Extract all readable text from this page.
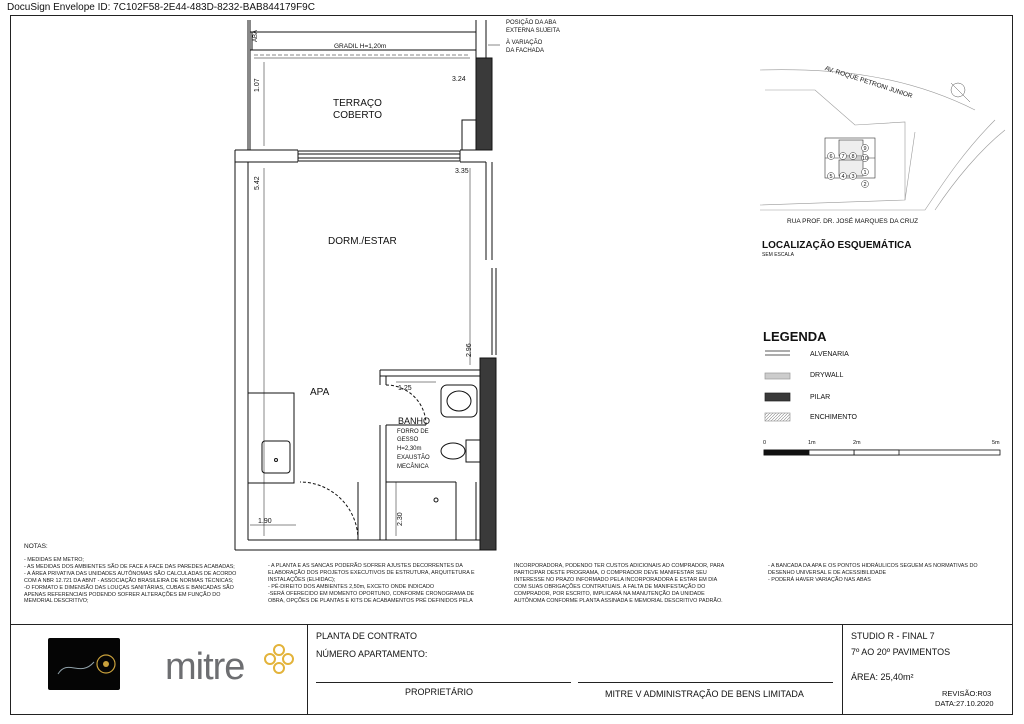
DocuSign Envelope ID: 7C102F58-2E44-483D-8232-BAB844179F9C
TERRAÇO
COBERTO
DORM./ESTAR
APA
BANHO
FORRO DE
GESSO
H=2,30m
EXAUSTÃO
MECÂNICA
GRADIL H=1,20m
ABA
1.07	3.24
5.42
3.35
2.96
1.25
2.30
1.90
POSIÇÃO DA ABA
EXTERNA SUJEITA
À VARIAÇÃO
DA FACHADA
6 7 8
9
10
5 4 3
1
2
AV. ROQUE PETRONI JUNIOR
RUA PROF. DR. JOSÉ MARQUES DA CRUZ
LOCALIZAÇÃO ESQUEMÁTICA
SEM ESCALA
LEGENDA
ALVENARIA
DRYWALL
PILAR
ENCHIMENTO
0	1m	2m	5m
NOTAS:
- MEDIDAS EM METRO;
- AS MEDIDAS DOS AMBIENTES SÃO DE FACE A FACE DAS PAREDES ACABADAS;
- A ÁREA PRIVATIVA DAS UNIDADES AUTÔNOMAS SÃO CALCULADAS DE ACORDO
COM A NBR 12.721 DA ABNT - ASSOCIAÇÃO BRASILEIRA DE NORMAS TÉCNICAS;
-O FORMATO E DIMENSÃO DAS LOUÇAS SANITÁRIAS, CUBAS E BANCADAS SÃO
APENAS REFERENCIAIS PODENDO SOFRER ALTERAÇÕES EM FUNÇÃO DO
MEMORIAL DESCRITIVO;
- A PLANTA E AS SANCAS PODERÃO SOFRER AJUSTES DECORRENTES DA
ELABORAÇÃO DOS PROJETOS EXECUTIVOS DE ESTRUTURA, ARQUITETURA E
INSTALAÇÕES (ELHIDAC);
- PÉ-DIREITO DOS AMBIENTES 2,50m, EXCETO ONDE INDICADO
-SERÁ OFERECIDO EM MOMENTO OPORTUNO, CONFORME CRONOGRAMA DE
OBRA, OPÇÕES DE PLANTAS E KITS DE ACABAMENTOS PRÉ DEFINIDOS PELA
INCORPORADORA, PODENDO TER CUSTOS ADICIONAIS AO COMPRADOR, PARA
PARTICIPAR DESTE PROGRAMA, O COMPRADOR DEVE MANIFESTAR SEU
INTERESSE NO PRAZO INFORMADO PELA INCORPORADORA E ESTAR EM DIA
COM SUAS OBRIGAÇÕES CONTRATUAIS. A FALTA DE MANIFESTAÇÃO DO
COMPRADOR, POR ESCRITO, IMPLICARÁ NA MANUTENÇÃO DA UNIDADE
AUTÔNOMA CONFORME PLANTA ASSINADA E MEMORIAL DESCRITIVO PADRÃO.
- A BANCADA DA APA E OS PONTOS HIDRÁULICOS SEGUEM AS NORMATIVAS DO
DESENHO UNIVERSAL E DE ACESSIBILIDADE
- PODERÁ HAVER VARIAÇÃO NAS ABAS
mitre
PLANTA DE CONTRATO
NÚMERO APARTAMENTO:
PROPRIETÁRIO	MITRE V ADMINISTRAÇÃO DE BENS LIMITADA
STUDIO R - FINAL 7
7º AO 20º PAVIMENTOS
ÁREA: 25,40m²
REVISÃO:R03
DATA:27.10.2020
